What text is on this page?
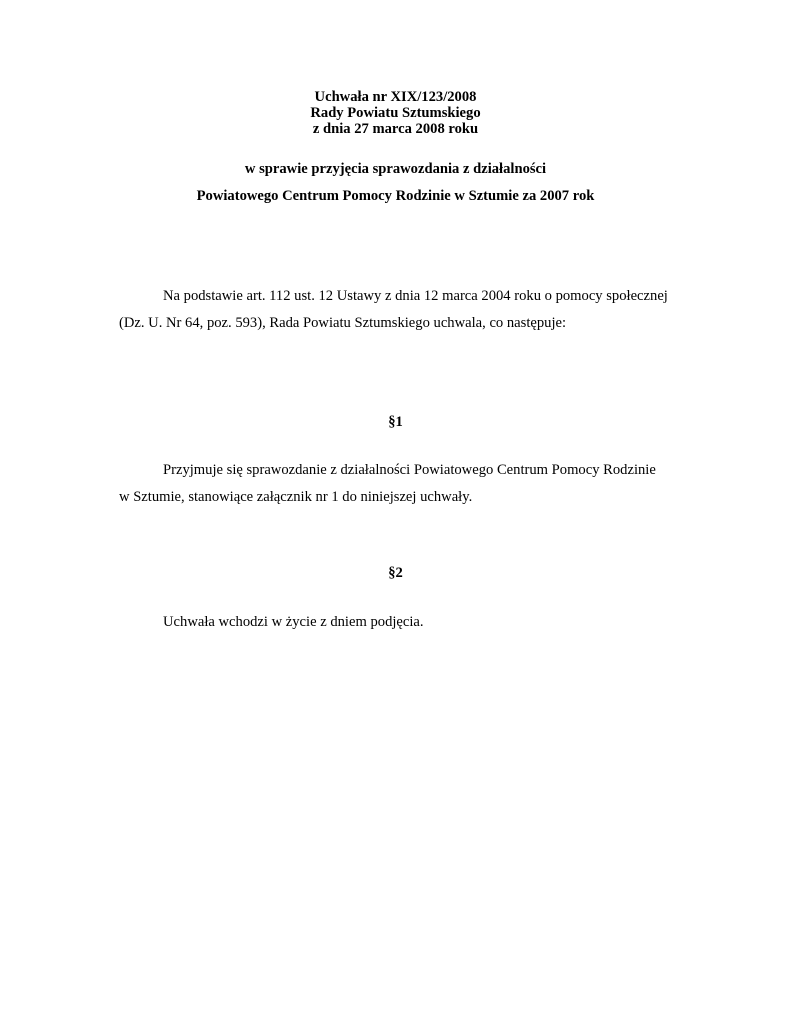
Uchwała nr XIX/123/2008
Rady Powiatu Sztumskiego
z dnia 27 marca 2008 roku
w sprawie przyjęcia sprawozdania z działalności
Powiatowego Centrum Pomocy Rodzinie w Sztumie za 2007 rok
Na podstawie art. 112 ust. 12 Ustawy z dnia 12 marca 2004 roku o pomocy społecznej
(Dz. U. Nr 64, poz. 593), Rada Powiatu Sztumskiego uchwala, co następuje:
§1
Przyjmuje się sprawozdanie z działalności Powiatowego Centrum Pomocy Rodzinie
w Sztumie, stanowiące załącznik nr 1 do niniejszej uchwały.
§2
Uchwała wchodzi w życie z dniem podjęcia.
